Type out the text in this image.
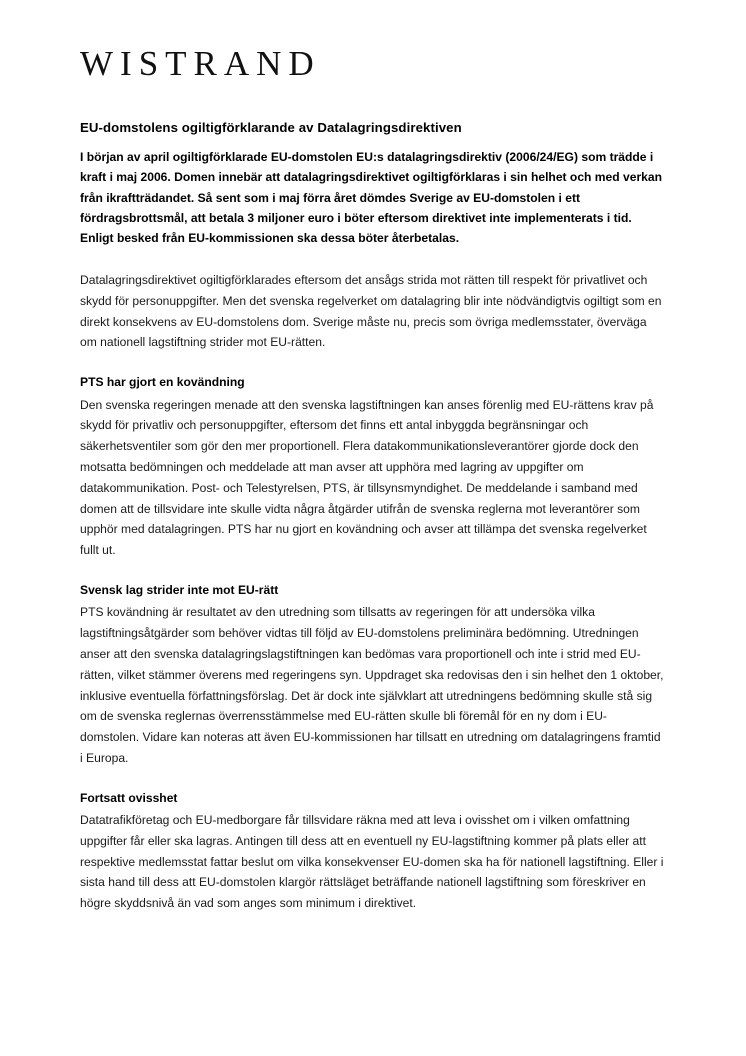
WISTRAND
EU-domstolens ogiltigförklarande av Datalagringsdirektiven

I början av april ogiltigförklarade EU-domstolen EU:s datalagringsdirektiv (2006/24/EG) som trädde i kraft i maj 2006. Domen innebär att datalagringsdirektivet ogiltigförklaras i sin helhet och med verkan från ikraftträdandet. Så sent som i maj förra året dömdes Sverige av EU-domstolen i ett fördragsbrottsmål, att betala 3 miljoner euro i böter eftersom direktivet inte implementerats i tid. Enligt besked från EU-kommissionen ska dessa böter återbetalas.

Datalagringsdirektivet ogiltigförklarades eftersom det ansågs strida mot rätten till respekt för privatlivet och skydd för personuppgifter. Men det svenska regelverket om datalagring blir inte nödvändigtvis ogiltigt som en direkt konsekvens av EU-domstolens dom. Sverige måste nu, precis som övriga medlemsstater, överväga om nationell lagstiftning strider mot EU-rätten.

PTS har gjort en kovändning

Den svenska regeringen menade att den svenska lagstiftningen kan anses förenlig med EU-rättens krav på skydd för privatliv och personuppgifter, eftersom det finns ett antal inbyggda begränsningar och säkerhetsventiler som gör den mer proportionell. Flera datakommunikationsleverantörer gjorde dock den motsatta bedömningen och meddelade att man avser att upphöra med lagring av uppgifter om datakommunikation. Post- och Telestyrelsen, PTS, är tillsynsmyndighet. De meddelande i samband med domen att de tillsvidare inte skulle vidta några åtgärder utifrån de svenska reglerna mot leverantörer som upphör med datalagringen. PTS har nu gjort en kovändning och avser att tillämpa det svenska regelverket fullt ut.

Svensk lag strider inte mot EU-rätt

PTS kovändning är resultatet av den utredning som tillsatts av regeringen för att undersöka vilka lagstiftningsåtgärder som behöver vidtas till följd av EU-domstolens preliminära bedömning. Utredningen anser att den svenska datalagringslagstiftningen kan bedömas vara proportionell och inte i strid med EU-rätten, vilket stämmer överens med regeringens syn. Uppdraget ska redovisas den i sin helhet den 1 oktober, inklusive eventuella författningsförslag. Det är dock inte självklart att utredningens bedömning skulle stå sig om de svenska reglernas överrensstämmelse med EU-rätten skulle bli föremål för en ny dom i EU-domstolen. Vidare kan noteras att även EU-kommissionen har tillsatt en utredning om datalagringens framtid i Europa.

Fortsatt ovisshet

Datatrafikföretag och EU-medborgare får tillsvidare räkna med att leva i ovisshet om i vilken omfattning uppgifter får eller ska lagras. Antingen till dess att en eventuell ny EU-lagstiftning kommer på plats eller att respektive medlemsstat fattar beslut om vilka konsekvenser EU-domen ska ha för nationell lagstiftning. Eller i sista hand till dess att EU-domstolen klargör rättsläget beträffande nationell lagstiftning som föreskriver en högre skyddsnivå än vad som anges som minimum i direktivet.
